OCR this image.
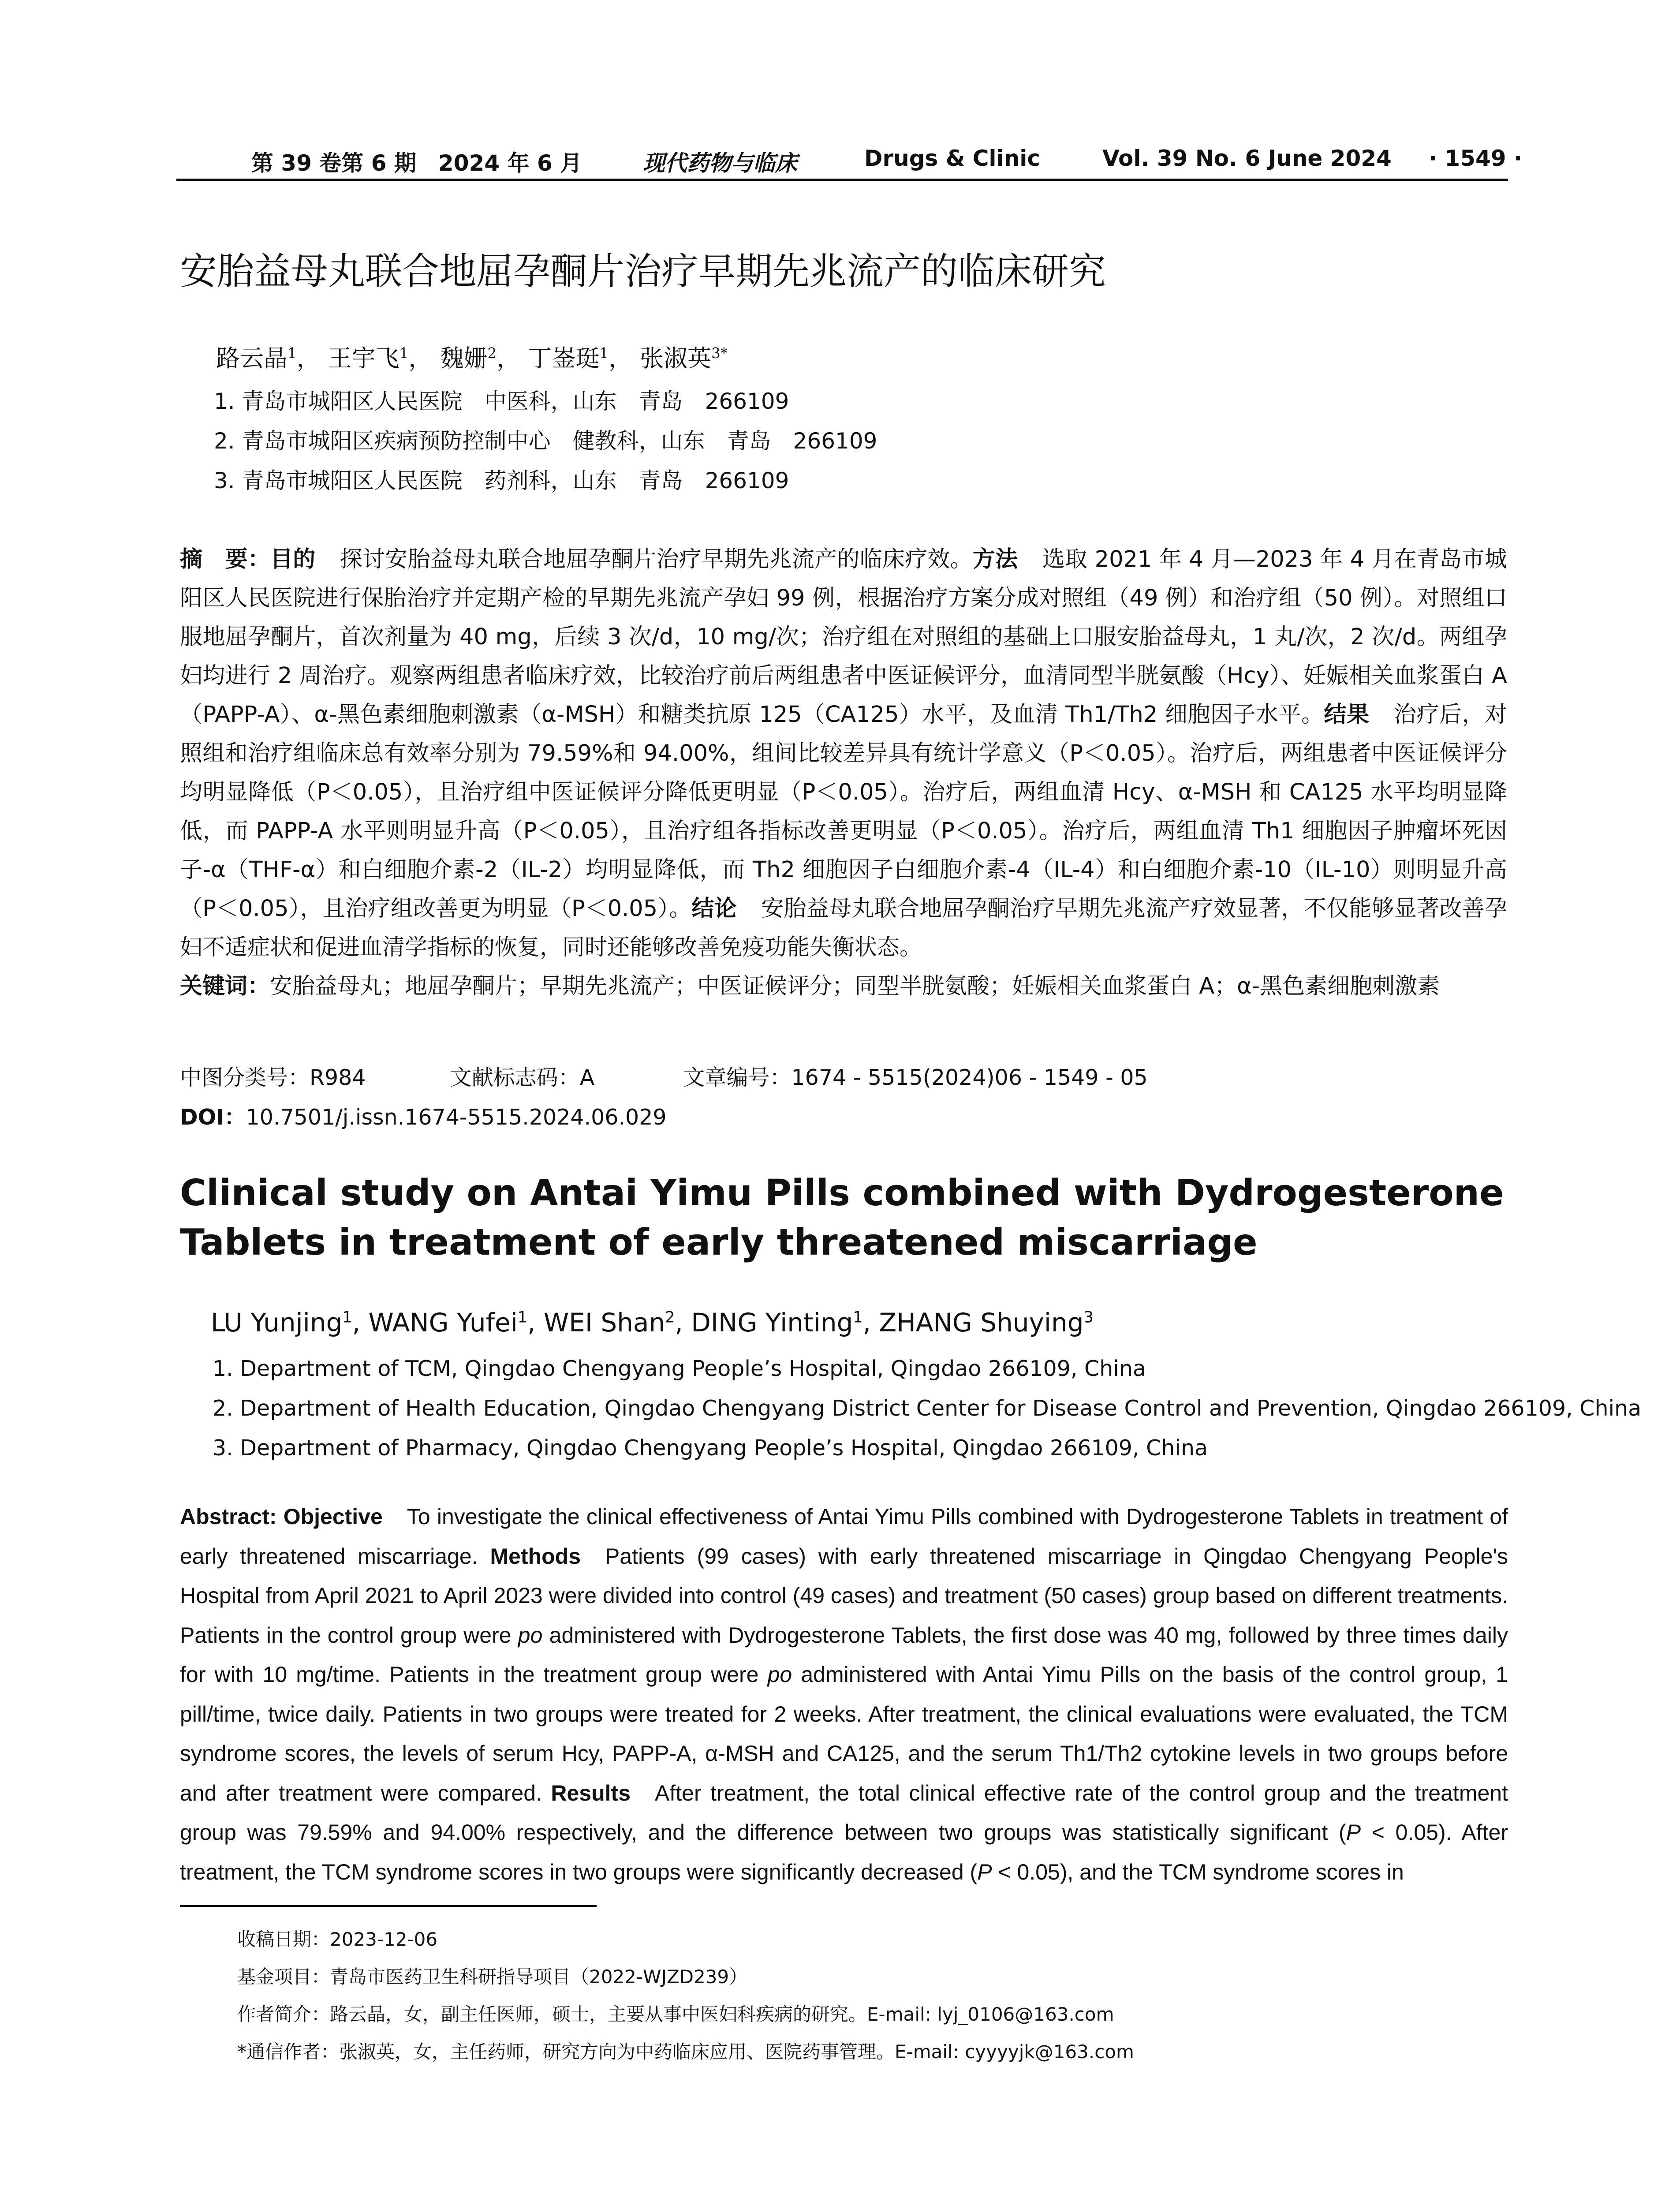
第 39 卷第 6 期　2024 年 6 月	现代药物与临床	Drugs & Clinic	Vol. 39 No. 6 June 2024 · 1549 ·
安胎益母丸联合地屈孕酮片治疗早期先兆流产的临床研究
路云晶$^1$， 王宇飞$^1$， 魏姗$^2$， 丁崟珽$^1$， 张淑英$^{3*}$
1. 青岛市城阳区人民医院　中医科，山东　青岛　266109
2. 青岛市城阳区疾病预防控制中心　健教科，山东　青岛　266109
3. 青岛市城阳区人民医院　药剂科，山东　青岛　266109

摘　要：目的 探讨安胎益母丸联合地屈孕酮片治疗早期先兆流产的临床疗效。方法 选取 2021 年 4 月—2023 年 4 月在青岛市城阳区人民医院进行保胎治疗并定期产检的早期先兆流产孕妇 99 例，根据治疗方案分成对照组（49 例）和治疗组（50 例）。对照组口服地屈孕酮片，首次剂量为 40 mg，后续 3 次/d，10 mg/次；治疗组在对照组的基础上口服安胎益母丸，1 丸/次，2 次/d。两组孕妇均进行 2 周治疗。观察两组患者临床疗效，比较治疗前后两组患者中医证候评分，血清同型半胱氨酸（Hcy）、妊娠相关血浆蛋白 A（PAPP-A）、α-黑色素细胞刺激素（α-MSH）和糖类抗原 125（CA125）水平，及血清 Th1/Th2 细胞因子水平。结果 治疗后，对照组和治疗组临床总有效率分别为 79.59%和 94.00%，组间比较差异具有统计学意义（P＜0.05）。治疗后，两组患者中医证候评分均明显降低（P＜0.05），且治疗组中医证候评分降低更明显（P＜0.05）。治疗后，两组血清 Hcy、α-MSH 和 CA125 水平均明显降低，而 PAPP-A 水平则明显升高（P＜0.05），且治疗组各指标改善更明显（P＜0.05）。治疗后，两组血清 Th1 细胞因子肿瘤坏死因子-α（THF-α）和白细胞介素-2（IL-2）均明显降低，而 Th2 细胞因子白细胞介素-4（IL-4）和白细胞介素-10（IL-10）则明显升高（P＜0.05），且治疗组改善更为明显（P＜0.05）。结论 安胎益母丸联合地屈孕酮治疗早期先兆流产疗效显著，不仅能够显著改善孕妇不适症状和促进血清学指标的恢复，同时还能够改善免疫功能失衡状态。

关键词：安胎益母丸；地屈孕酮片；早期先兆流产；中医证候评分；同型半胱氨酸；妊娠相关血浆蛋白 A；α-黑色素细胞刺激素

中图分类号：R984	文献标志码：A	文章编号：1674 - 5515(2024)06 - 1549 - 05
DOI：10.7501/j.issn.1674-5515.2024.06.029
Clinical study on Antai Yimu Pills combined with Dydrogesterone Tablets in treatment of early threatened miscarriage
LU Yunjing$^1$, WANG Yufei$^1$, WEI Shan$^2$, DING Yinting$^1$, ZHANG Shuying$^3$
1. Department of TCM, Qingdao Chengyang People’s Hospital, Qingdao 266109, China
2. Department of Health Education, Qingdao Chengyang District Center for Disease Control and Prevention, Qingdao 266109, China
3. Department of Pharmacy, Qingdao Chengyang People’s Hospital, Qingdao 266109, China

Abstract: Objective To investigate the clinical effectiveness of Antai Yimu Pills combined with Dydrogesterone Tablets in treatment of early threatened miscarriage. Methods Patients (99 cases) with early threatened miscarriage in Qingdao Chengyang People's Hospital from April 2021 to April 2023 were divided into control (49 cases) and treatment (50 cases) group based on different treatments. Patients in the control group were po administered with Dydrogesterone Tablets, the first dose was 40 mg, followed by three times daily for with 10 mg/time. Patients in the treatment group were po administered with Antai Yimu Pills on the basis of the control group, 1 pill/time, twice daily. Patients in two groups were treated for 2 weeks. After treatment, the clinical evaluations were evaluated, the TCM syndrome scores, the levels of serum Hcy, PAPP-A, α-MSH and CA125, and the serum Th1/Th2 cytokine levels in two groups before and after treatment were compared. Results After treatment, the total clinical effective rate of the control group and the treatment group was 79.59% and 94.00% respectively, and the difference between two groups was statistically significant (P < 0.05). After treatment, the TCM syndrome scores in two groups were significantly decreased (P < 0.05), and the TCM syndrome scores in

收稿日期：2023-12-06
基金项目：青岛市医药卫生科研指导项目（2022-WJZD239）
作者简介：路云晶，女，副主任医师，硕士，主要从事中医妇科疾病的研究。E-mail: lyj_0106@163.com
*通信作者：张淑英，女，主任药师，研究方向为中药临床应用、医院药事管理。E-mail: cyyyyjk@163.com
